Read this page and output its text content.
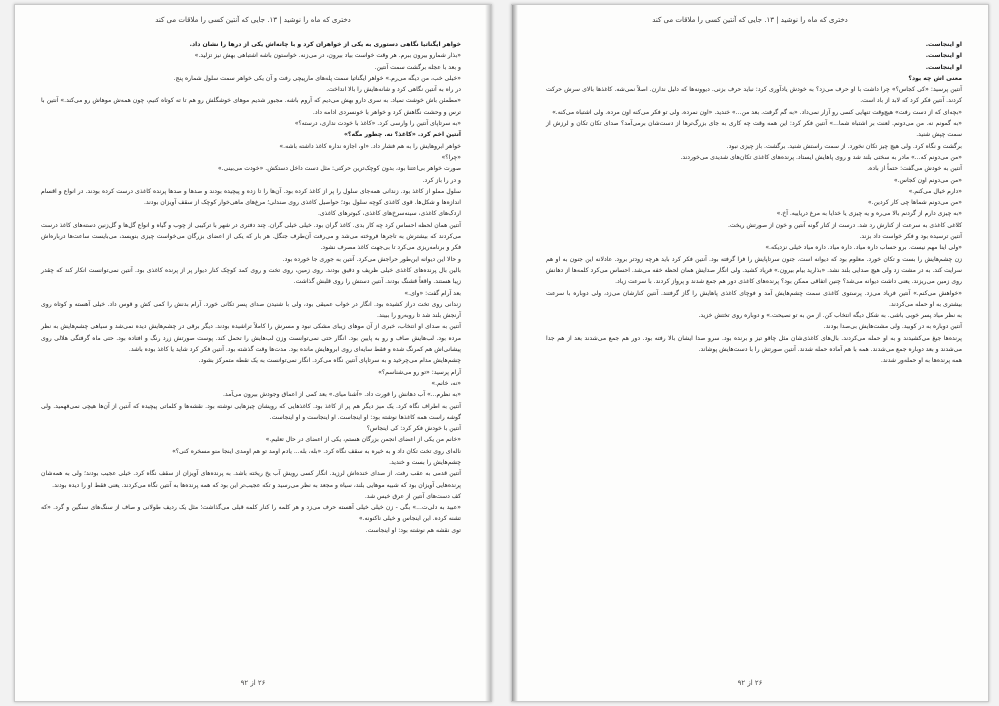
دختری که ماه را نوشید | ۱۳. جایی که آنتین کسی را ملاقات می کند

خواهر ایگناتیا نگاهی دستوری به یکی از خواهران کرد و با چانه‌اش یکی از درها را نشان داد.

«بذار شمارو بیرون ببرم. هر وقت خواست بیاد بیرون، در می‌زنه. خواستون باشه اشتباهی بهش نیز تزلید.»

و بعد با عجله برگشت سمت آنتین.

«خیلی خب، من دیگه می‌رم.» خواهر ایگناتیا سمت پله‌های مارپیچی رفت و آن یکی خواهر سمت سلول شماره پنج.

در راه به آنتین نگاهی کرد و شانه‌هایش را بالا انداخت.

«مطمئن باش خوشت نمیاد. به سری دارو بهش می‌دیم که آروم باشه. مجبور شدیم موهای خوشگلش رو هم تا ته کوتاه کنیم، چون همه‌ش موهاش رو می‌کند.» آنتین با ترس و وحشت نگاهش کرد و خواهر با خونسردی ادامه داد.

«به سرتاپای آنتین را وارسی کرد. «کاغذ با خودت نداری، درسته؟»

آنتین اخم کرد. «کاغذ؟ نه. چطور مگه؟»

خواهر ابروهایش را به هم فشار داد. «او، اجازه نداره کاغذ داشته باشه.»

«چرا؟»

صورت خواهر بی‌اعتنا بود، بدون کوچک‌ترین حرکتی: مثل دست داخل دستکش. «خودت می‌بینی.»

و در را باز کرد.

سلول مملو از کاغذ بود. زندانی همه‌جای سلول را پر از کاغذ کرده بود. آن‌ها را تا زده و پیچیده بودند و صدها و صدها پرنده کاغذی درست کرده بودند. در انواع و اقسام اندازه‌ها و شکل‌ها. قوی کاغذی کوچه سلول بود؛ حواصیل کاغذی روی صندلی؛ مرغ‌های ماهی‌خوار کوچک از سقف آویزان بودند.

اردک‌های کاغذی، سینه‌سرخ‌های کاغذی، کبوترهای کاغذی.

آنتین همان لحظه احساس کرد چه کار بدی. کاغذ گران بود. خیلی خیلی گران. چند دفتری در شهر با ترکیبی از چوب و گیاه و انواع گل‌ها و گل‌زنین دسته‌های کاغذ درست می‌کردند که بیشترش به تاجرها فروخته می‌شد و می‌رفت آن‌طرف جنگل. هر بار که یکی از اعضای بزرگان می‌خواست چیزی بنویسد، می‌بایست ساعت‌ها درباره‌اش فکر و برنامه‌ریزی می‌کرد تا بی‌جهت کاغذ مصرف نشود.

و حالا این دیوانه این‌طور حراجش می‌کرد. آنتین به جوری جا خورده بود.

بالین بال پرنده‌های کاغذی خیلی ظریف و دقیق بودند. روی زمین، روی تخت و روی کمد کوچک کنار دیوار پر از پرنده کاغذی بود. آنتین نمی‌توانست انکار کند که چقدر زیبا هستند. واقعاً قشنگ بودند. آنتین دستش را روی قلبش گذاشت.

بعد آرام گفت: «وای.»

زندانی روی تخت دراز کشیده بود. انگار در خواب عمیقی بود، ولی با شنیدن صدای پسر تکانی خورد. آرام بدنش را کمی کش و قوس داد. خیلی آهسته و کوتاه روی آرنجش بلند شد تا روبه‌رو را ببیند.

آنتین به صدای او انتخاب، خبری از آن موهای زیبای مشکی نبود و مسرش را کاملاً تراشیده بودند. دیگر برقی در چشم‌هایش دیده نمی‌شد و سیاهی چشم‌هایش به نظر مرده بود. لب‌هایش صاف و رو به پایین بود. انگار حتی نمی‌توانست وزن لب‌هایش را تحمل کند. پوست صورتش زرد رنگ و افتاده بود. حتی ماه گرفتگی هلالی روی پیشانی‌اش هم کمرنگ شده و فقط سایه‌ای روی ابروهایش مانده بود. مدت‌ها وقت گذشته بود. آنتین فکر کرد شاید یا کاغذ بوده باشد.

چشم‌هایش مدام می‌چرخید و به سرتاپای آنتین نگاه می‌کرد. انگار نمی‌توانست به یک نقطه متمرکز بشود.

آرام پرسید: «تو رو می‌شناسم؟»

«نه، خانم.»

«به نظرم...» آب دهانش را قورت داد. «آشنا میای.» بعد کمی از اعماق وجودش بیرون می‌آمد.

آنتین به اطراف نگاه کرد. یک میز دیگر هم پر از کاغذ بود. کاغذهایی که رویشان چیزهایی نوشته بود. نقشه‌ها و کلماتی پیچیده که آنتین از آن‌ها هیچی نمی‌فهمید. ولی گوشه راست همه کاغذها نوشته بود: او اینجاست. او اینجاست و او اینجاست.

آنتین با خودش فکر کرد: کی اینجاس؟

«خانم من یکی از اعضای انجمن بزرگان هستم، یکی از اعضای در حال تعلیم.»

ناله‌ای روی تخت تکان داد و به خیره به سقف نگاه کرد. «بله، بله... یادم اومد تو هم اومدی اینجا منو مسخره کنی؟»

چشم‌هایش را بست و خندید.

آنتین قدمی به عقب رفت. از صدای خنده‌اش لرزید. انگار کسی رویش آب یخ ریخته باشد. به پرنده‌های آویزان از سقف نگاه کرد. خیلی عجیب بودند؛ ولی به همه‌شان پرنده‌هایی آویزان بود که شبیه موهایی بلند، سیاه و مجعد به نظر می‌رسید و تکه عجیب‌تر این بود که همه پرنده‌ها به آنتین نگاه می‌کردند. یعنی فقط او را دیده بودند.

کف دست‌های آنتین از عرق خیس شد.

«عبید به دلی‌ت...» بگی - زن خیلی خیلی آهسته حرف می‌زد و هر کلمه را کنار کلمه قبلی می‌گذاشت؛ مثل یک ردیف طولانی و صاف از سنگ‌های سنگین و گرد. «که تشنه کرده. این اینجاس و خیلی ناکنونه.»

توی نقشه هم نوشته بود: او اینجاست.

۲۶ از ۹۲
دختری که ماه را نوشید | ۱۳. جایی که آنتین کسی را ملاقات می کند

او اینجاست.

او اینجاست.

او اینجاست.

معنی اش چه بود؟

آنتین پرسید: «کی کجاس؟» چرا داشت با او حرف می‌زد؟ به خودش یادآوری کرد: نباید حرف بزنی. دیوونه‌ها که دلیل ندارن. اصلاً نمی‌شه. کاغذها بالای سرش حرکت کردند. آنتین فکر کرد که لابد از باد است.

«بچه‌ای که از دست رفت» هیچ‌وقت تنهایی کسی رو آزار نمی‌داد. «به گم گرفت. بعد من...» خندید. «اون نمرده. ولی تو فکر می‌کنه اون مرده. ولی اشتباه می‌کنه.»

«به گمونم نه. من می‌دونم. لعنت بر اشتباه شما...» آنتین فکر کرد: این همه وقت چه کاری به جای بزرگ‌ترها از دست‌شان برمی‌آمد؟ صدای تکان تکان و لرزش از سمت چپش شنید.

برگشت و نگاه کرد. ولی هیچ چیز تکان نخورد. از سمت راستش شنید. برگشت. باز چیزی نبود.

«من می‌دونم که...» مادر به سختی بلند شد و روی پاهایش ایستاد. پرنده‌های کاغذی تکان‌های شدیدی می‌خوردند.

آنتین به خودش می‌گفت: حتماً از باده.

«من می‌دونم اون کجاس.»

«دارم خیال می‌کنم.»

«من می‌دونم شماها چی کار کردین.»

«به چیزی دارم از گردنم بالا می‌ره و یه چیزی یا خدایا به مرغ دریاییه. آخ.»

کلاغی کاغذی به سرعت از کنارش رد شد. درست از کنار گونه آنتین و خون از صورتش ریخت.

آنتین ترسیده بود و فکر خواست داد بزند.

«ولی اینا مهم نیست. برو حساب داره میاد. داره میاد. داره میاد خیلی نزدیکه.»

زن چشم‌هایش را بست و تکان خورد. معلوم بود که دیوانه است. جنون سرتاپایش را فرا گرفته بود. آنتین فکر کرد باید هرچه زودتر برود. عادلانه این جنون به او هم سرایت کند. به در مشت زد ولی هیچ صدایی بلند نشد. «بذارید بیام بیرون.» فریاد کشید. ولی انگار صدایش همان لحظه خفه می‌شد. احساس می‌کرد کلمه‌ها از دهانش روی زمین می‌ریزند. یعنی داشت دیوانه می‌شد؟ چنین اتفاقی ممکن بود؟ پرنده‌های کاغذی دور هم جمع شدند و پرواز کردند. با سرعت زیاد.

«خواهش می‌کنم.» آنتین فریاد می‌زد. پرستوی کاغذی سمت چشم‌هایش آمد و فوچای کاغذی پاهایش را گاز گرفتند. آنتین کنارشان می‌زد، ولی دوباره با سرعت بیشتری به او حمله می‌کردند.

به نظر میاد پسر خوبی باشی. به شکل دیگه انتخاب کن. از من به تو نصیحت.» و دوباره روی تختش خزید.

آنتین دوباره به در کوبید. ولی مشت‌هایش بی‌صدا بودند.

پرنده‌ها جیغ می‌کشیدند و به او حمله می‌کردند. بال‌های کاغذی‌شان مثل چاقو تیز و برنده بود. سرو صدا ایشان بالا رفته بود. دور هم جمع می‌شدند بعد از هم جدا می‌شدند و بعد دوباره جمع می‌شدند. همه با هم آماده حمله شدند. آنتین صورتش را با دست‌هایش پوشاند.

همه پرنده‌ها به او حمله‌ور شدند.

۲۶ از ۹۲
